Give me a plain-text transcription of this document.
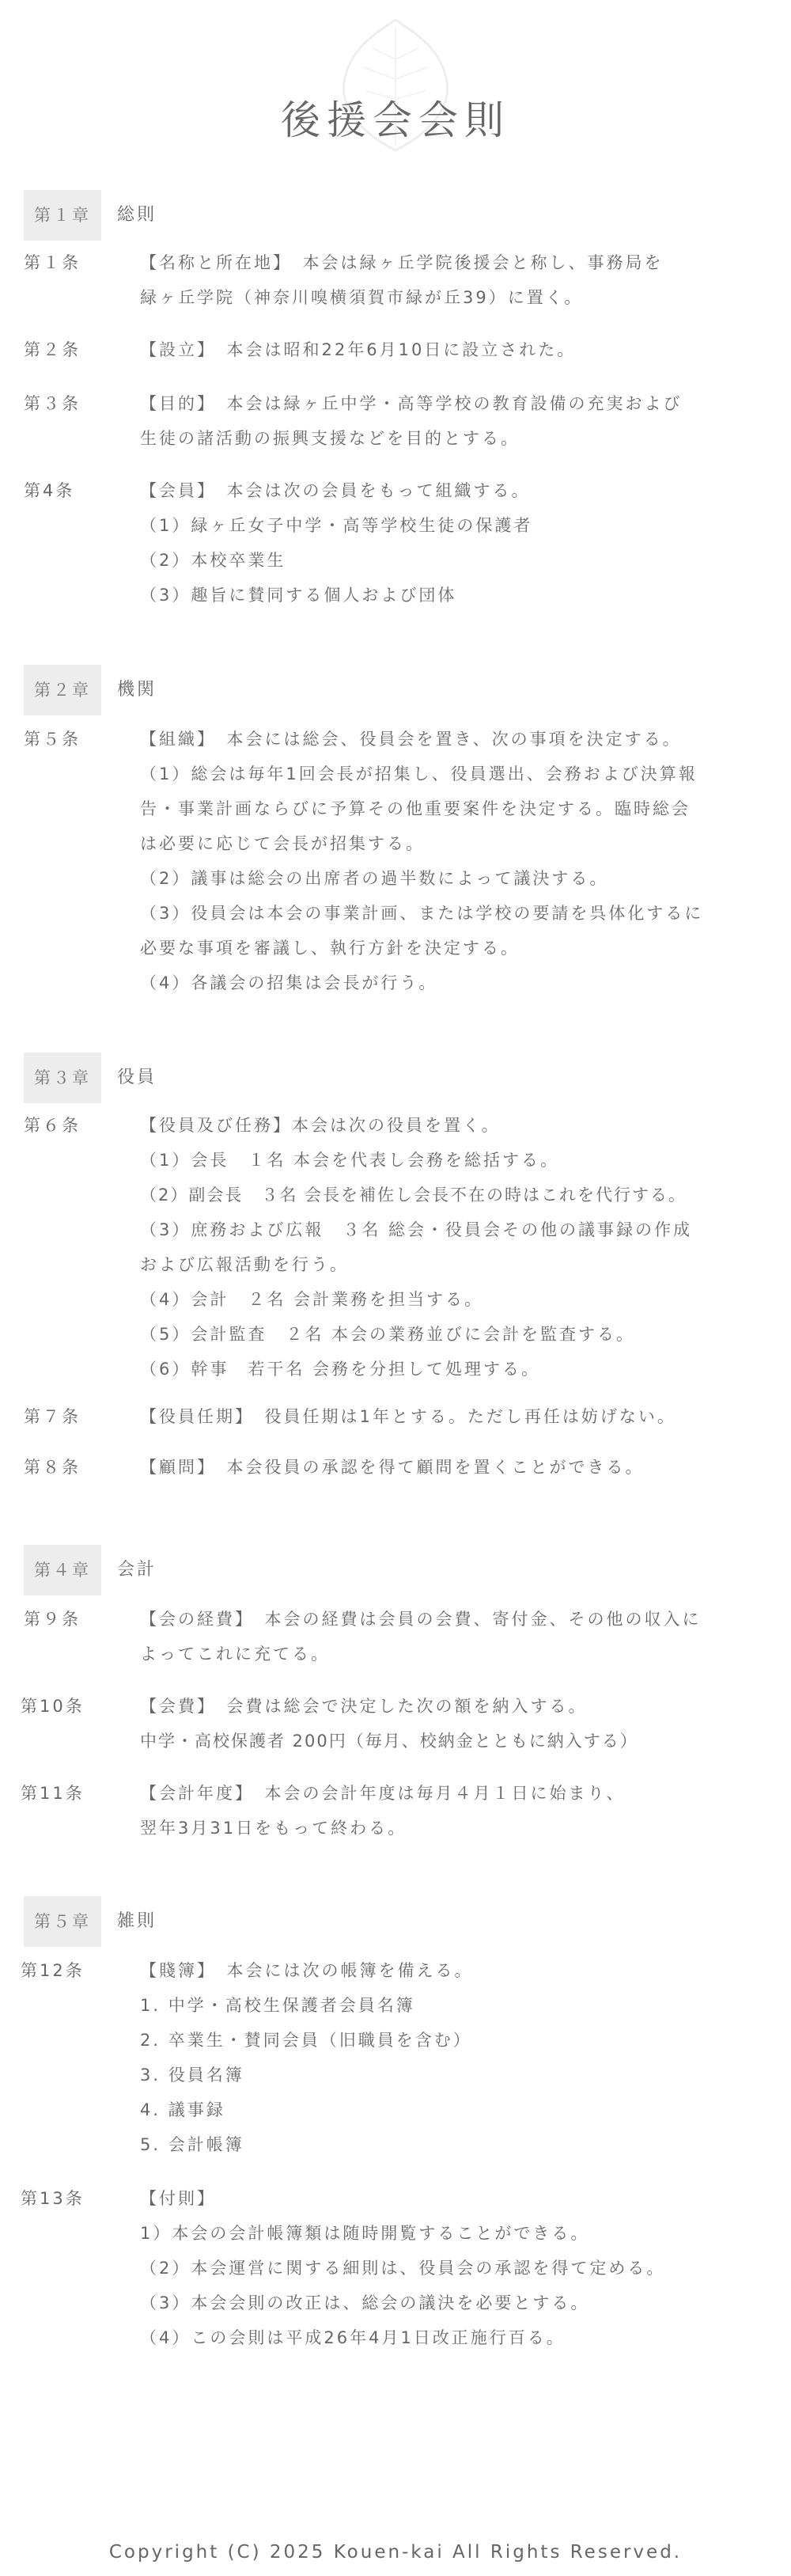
後援会会則
第１章	総則
第１条	【名称と所在地】　本会は緑ヶ丘学院後援会と称し、事務局を
緑ヶ丘学院（神奈川嗅横須賀市緑が丘39）に置く。
第２条	【設立】　本会は昭和22年6月10日に設立された。
第３条	【目的】　本会は緑ヶ丘中学・高等学校の教育設備の充実および
生徒の諸活動の振興支援などを目的とする。
第4条	【会員】　本会は次の会員をもって組織する。
（1）緑ヶ丘女子中学・高等学校生徒の保護者
（2）本校卒業生
（3）趣旨に賛同する個人および団体
第２章	機関
第５条	【組織】　本会には総会、役員会を置き、次の事項を決定する。
（1）総会は毎年1回会長が招集し、役員選出、会務および決算報
告・事業計画ならびに予算その他重要案件を決定する。臨時総会
は必要に応じて会長が招集する。
（2）議事は総会の出席者の過半数によって議決する。
（3）役員会は本会の事業計画、または学校の要請を呉体化するに
必要な事項を審議し、執行方針を決定する。
（4）各議会の招集は会長が行う。
第３章	役員
第６条	【役員及び任務】本会は次の役員を置く。
（1）会長　１名 本会を代表し会務を総括する。
（2）副会長　３名 会長を補佐し会長不在の時はこれを代行する。
（3）庶務および広報　３名 総会・役員会その他の議事録の作成
および広報活動を行う。
（4）会計　２名 会計業務を担当する。
（5）会計監査　２名 本会の業務並びに会計を監査する。
（6）幹事　若干名 会務を分担して処理する。
第７条	【役員任期】　役員任期は1年とする。ただし再任は妨げない。
第８条	【顧問】　本会役員の承認を得て顧問を置くことができる。
第４章	会計
第９条	【会の経費】　本会の経費は会員の会費、寄付金、その他の収入に
よってこれに充てる。
第10条	【会費】　会費は総会で決定した次の額を納入する。
中学・高校保護者 200円（毎月、校納金とともに納入する）
第11条	【会計年度】　本会の会計年度は毎月４月１日に始まり、
翌年3月31日をもって終わる。
第５章	雑則
第12条	【賤簿】　本会には次の帳簿を備える。
1. 中学・高校生保護者会員名簿
2. 卒業生・賛同会員（旧職員を含む）
3. 役員名簿
4. 議事録
5. 会計帳簿
第13条	【付則】
1）本会の会計帳簿類は随時開覧することができる。
（2）本会運営に関する細則は、役員会の承認を得て定める。
（3）本会会則の改正は、総会の議決を必要とする。
（4）この会則は平成26年4月1日改正施行百る。
Copyright (C) 2025 Kouen-kai All Rights Reserved.
